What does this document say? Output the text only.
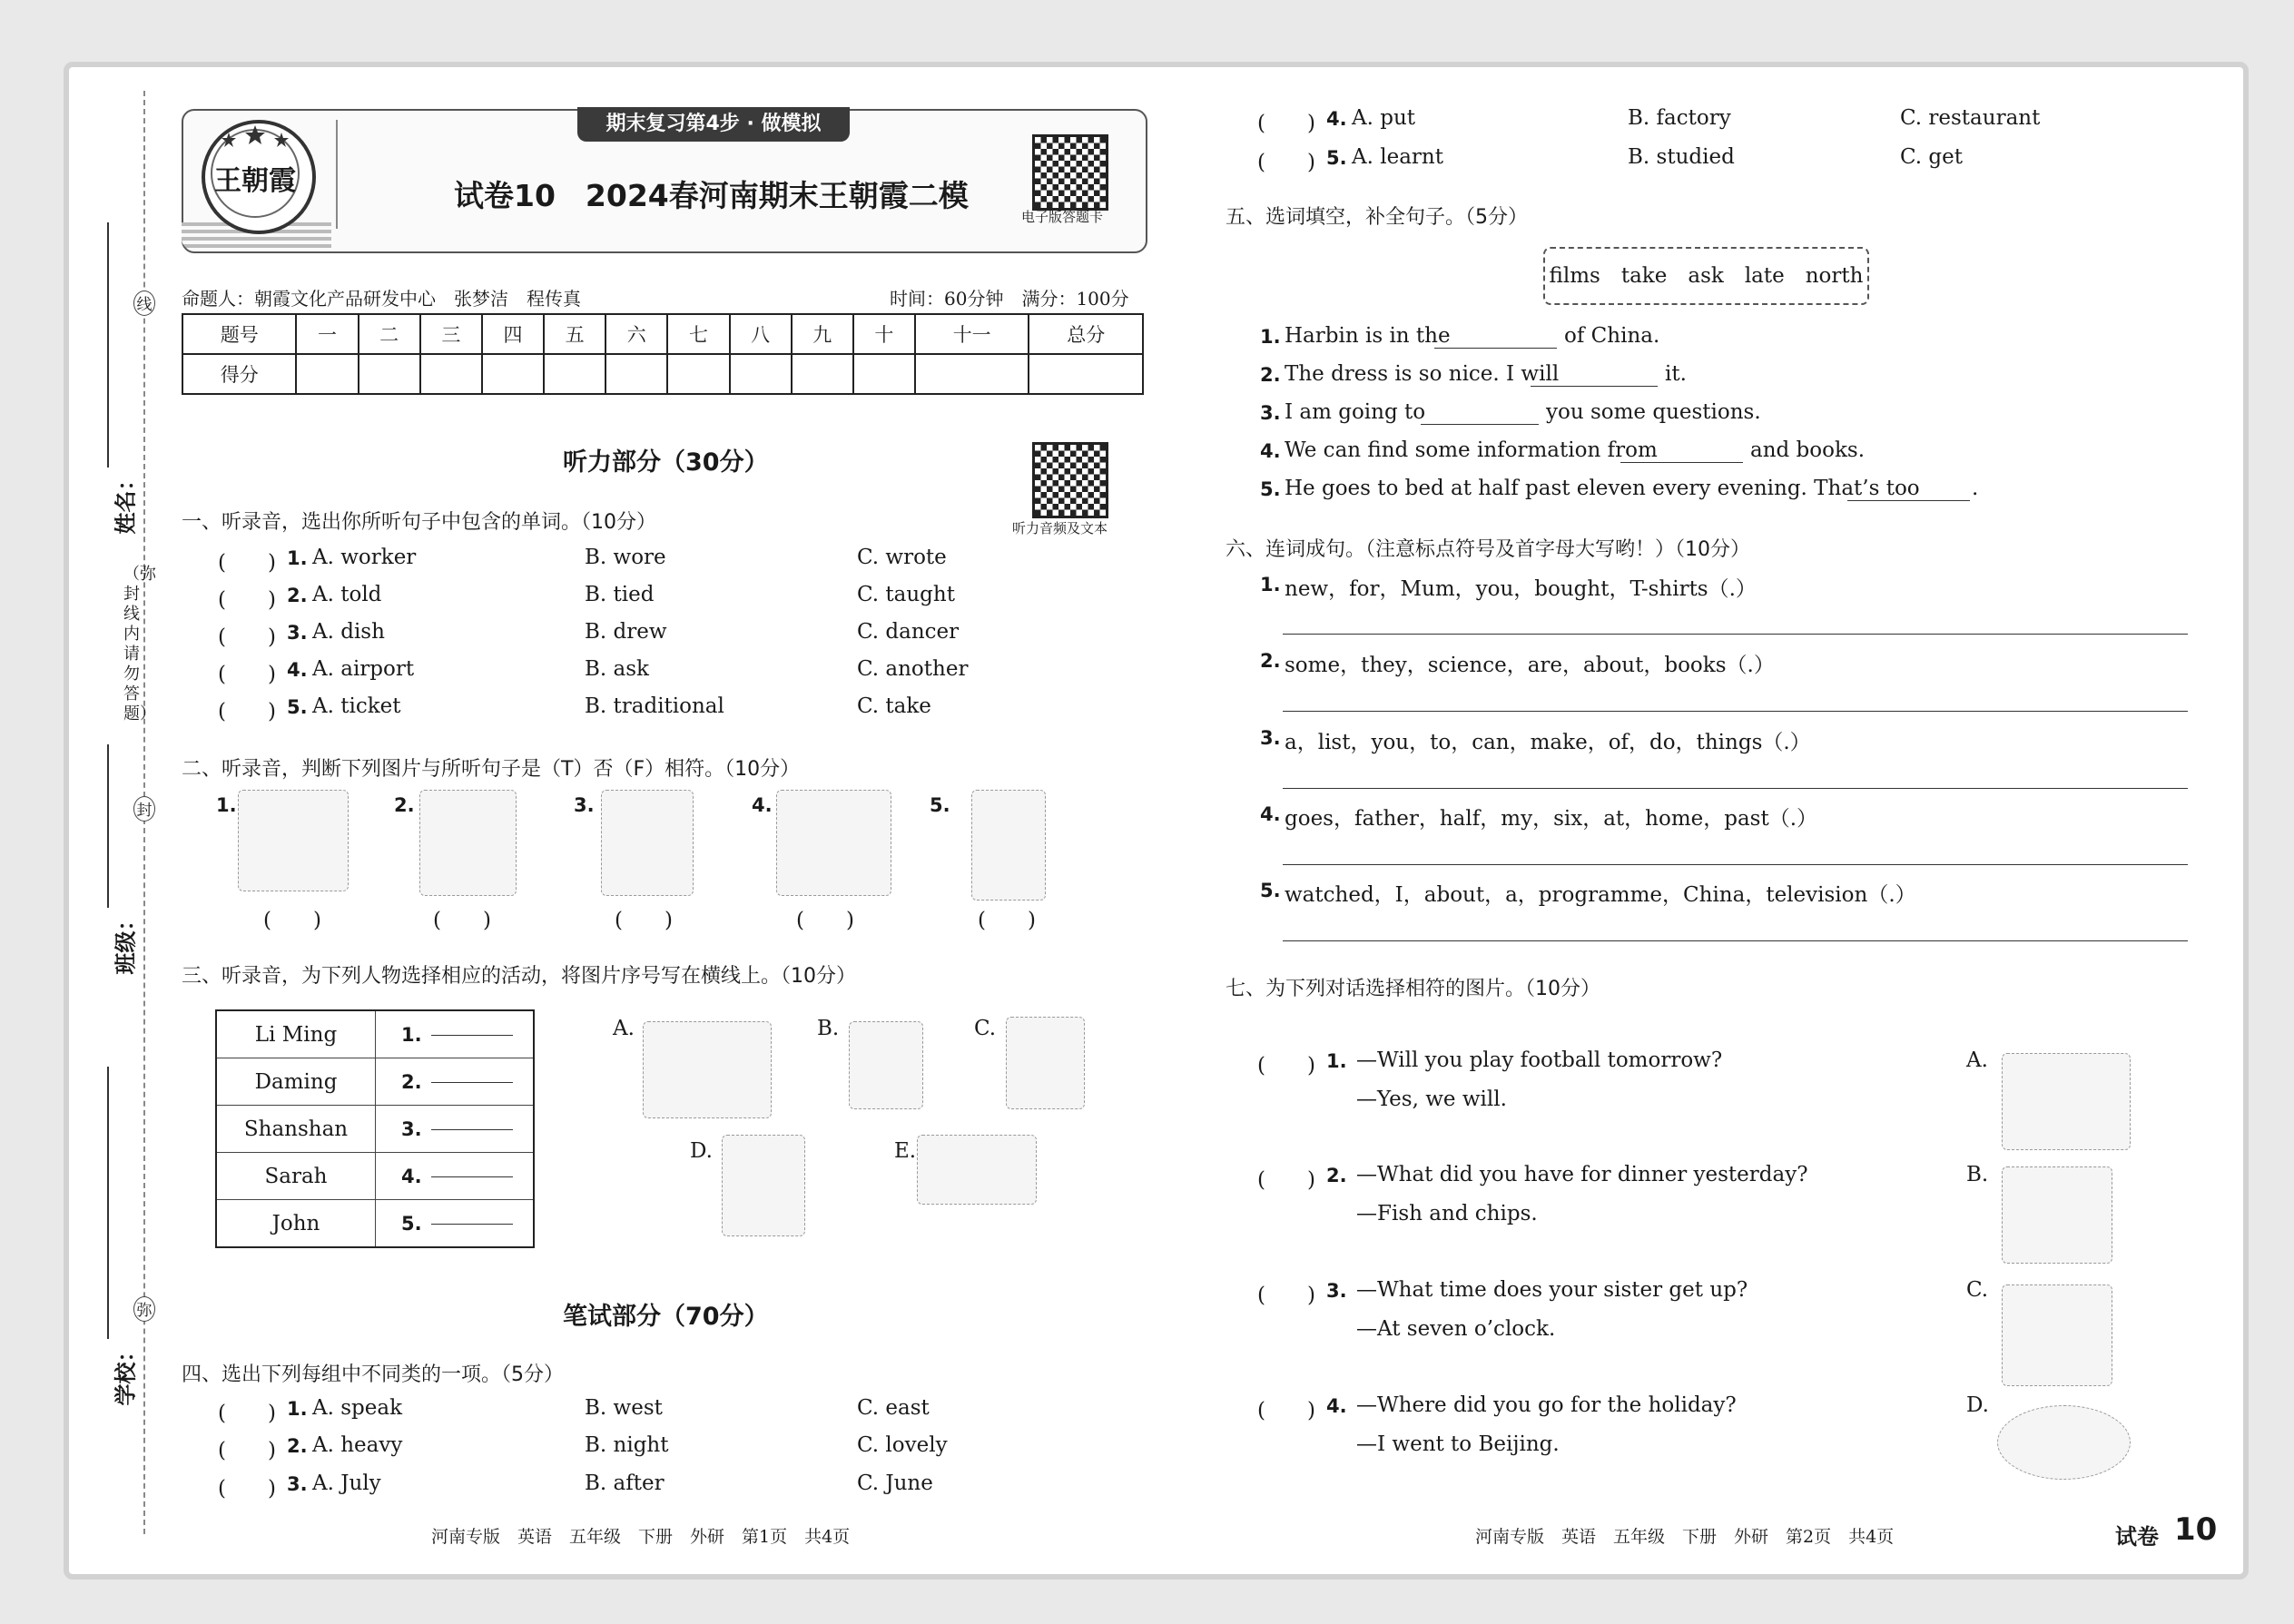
姓名：
班级：
学校：
线
封
弥
（弥封线内请勿答题）
王朝霞
期末复习第4步 · 做模拟
试卷10　2024春河南期末王朝霞二模
电子版答题卡
命题人：朝霞文化产品研发中心　张梦洁　程传真	时间：60分钟　满分：100分
题号	一	二	三	四	五	六	七	八	九	十	十一	总分
得分												
听力部分（30分）
听力音频及文本
一、听录音，选出你所听句子中包含的单词。（10分）
(　　) 1. A. worker	B. wore	C. wrote
(　　) 2. A. told	B. tied	C. taught
(　　) 3. A. dish	B. drew	C. dancer
(　　) 4. A. airport	B. ask	C. another
(　　) 5. A. ticket	B. traditional	C. take
二、听录音，判断下列图片与所听句子是（T）否（F）相符。（10分）
1.
(　　)
2.
(　　)
3.
(　　)
4.
(　　)
5.
(　　)
三、听录音，为下列人物选择相应的活动，将图片序号写在横线上。（10分）
Li Ming	1.
Daming	2.
Shanshan	3.
Sarah	4.
John	5.
A.	B.	C.
D.	E.
笔试部分（70分）
四、选出下列每组中不同类的一项。（5分）
(　　) 1. A. speak	B. west	C. east
(　　) 2. A. heavy	B. night	C. lovely
(　　) 3. A. July	B. after	C. June
河南专版　英语　五年级　下册　外研　第1页　共4页
(　　) 4. A. put	B. factory	C. restaurant
(　　) 5. A. learnt	B. studied	C. get
五、选词填空，补全句子。（5分）
films　take　ask　late　north
1. Harbin is in the	of China.
2. The dress is so nice. I will	it.
3. I am going to	you some questions.
4. We can find some information from	and books.
5. He goes to bed at half past eleven every evening. That’s too .
六、连词成句。（注意标点符号及首字母大写哟！）（10分）
1. new，for，Mum，you，bought，T-shirts（.）
2. some，they，science，are，about，books（.）
3. a，list，you，to，can，make，of，do，things（.）
4. goes，father，half，my，six，at，home，past（.）
5. watched，I，about，a，programme，China，television（.）
七、为下列对话选择相符的图片。（10分）
(　　) 1. —Will you play football tomorrow?
—Yes, we will.
(　　) 2. —What did you have for dinner yesterday?
—Fish and chips.
(　　) 3. —What time does your sister get up?
—At seven o’clock.
(　　) 4. —Where did you go for the holiday?
—I went to Beijing.
A.
B.
C.
D.
河南专版　英语　五年级　下册　外研　第2页　共4页	试卷 10
